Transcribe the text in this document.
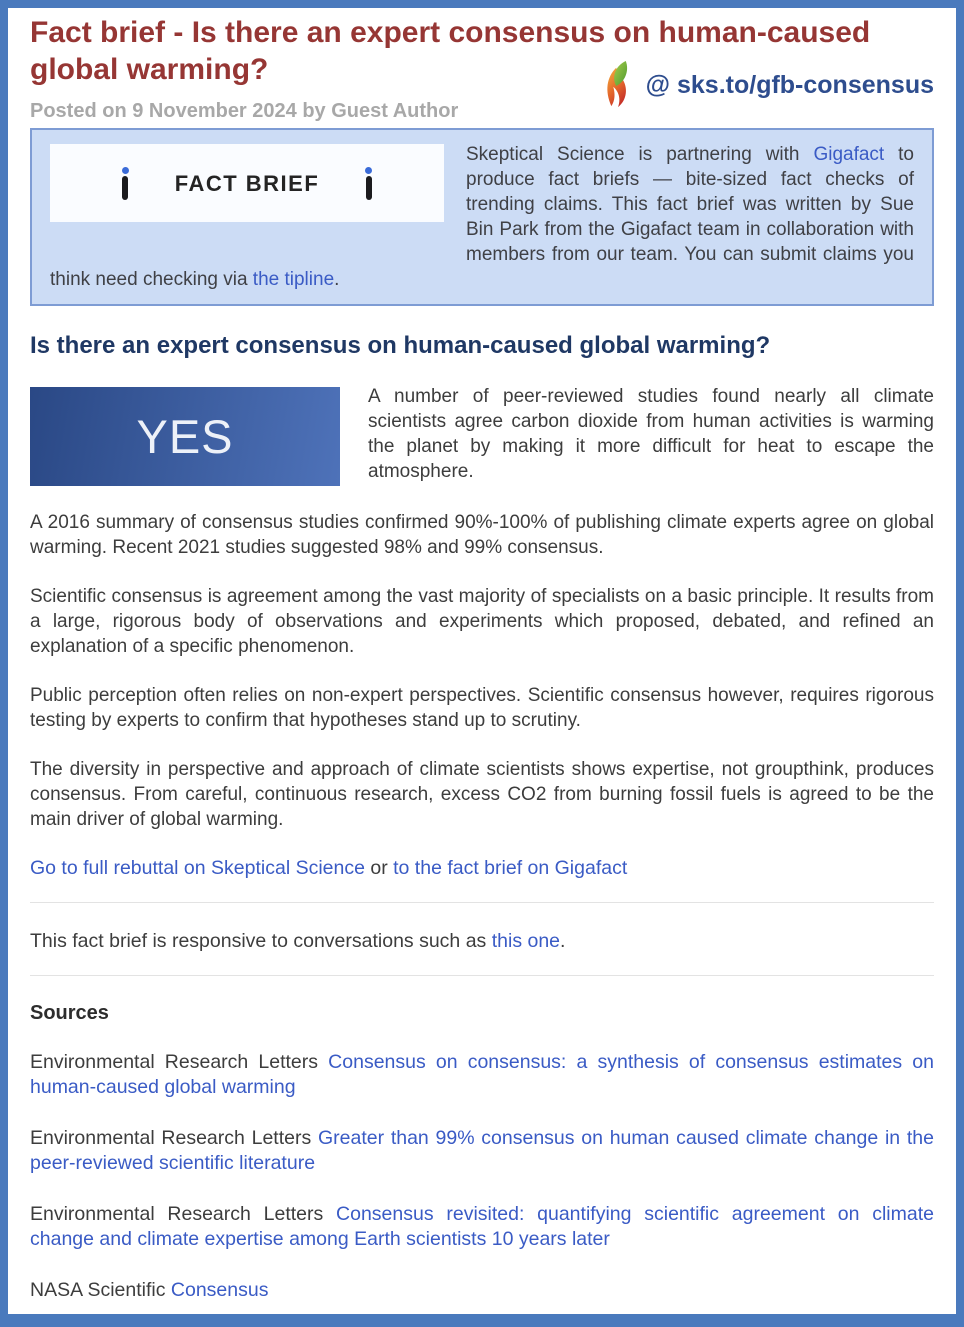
Fact brief - Is there an expert consensus on human-caused global warming?	@ sks.to/gfb-consensus
Posted on 9 November 2024 by Guest Author
FACT BRIEF
Skeptical Science is partnering with Gigafact to produce fact briefs — bite-sized fact checks of trending claims. This fact brief was written by Sue Bin Park from the Gigafact team in collaboration with members from our team. You can submit claims you think need checking via the tipline.
Is there an expert consensus on human-caused global warming?
YES

A number of peer-reviewed studies found nearly all climate scientists agree carbon dioxide from human activities is warming the planet by making it more difficult for heat to escape the atmosphere.

A 2016 summary of consensus studies confirmed 90%-100% of publishing climate experts agree on global warming. Recent 2021 studies suggested 98% and 99% consensus.

Scientific consensus is agreement among the vast majority of specialists on a basic principle. It results from a large, rigorous body of observations and experiments which proposed, debated, and refined an explanation of a specific phenomenon.

Public perception often relies on non-expert perspectives. Scientific consensus however, requires rigorous testing by experts to confirm that hypotheses stand up to scrutiny.

The diversity in perspective and approach of climate scientists shows expertise, not groupthink, produces consensus. From careful, continuous research, excess CO2 from burning fossil fuels is agreed to be the main driver of global warming.

Go to full rebuttal on Skeptical Science or to the fact brief on Gigafact

This fact brief is responsive to conversations such as this one.

Sources

Environmental Research Letters Consensus on consensus: a synthesis of consensus estimates on human-caused global warming

Environmental Research Letters Greater than 99% consensus on human caused climate change in the peer-reviewed scientific literature

Environmental Research Letters Consensus revisited: quantifying scientific agreement on climate change and climate expertise among Earth scientists 10 years later

NASA Scientific Consensus
